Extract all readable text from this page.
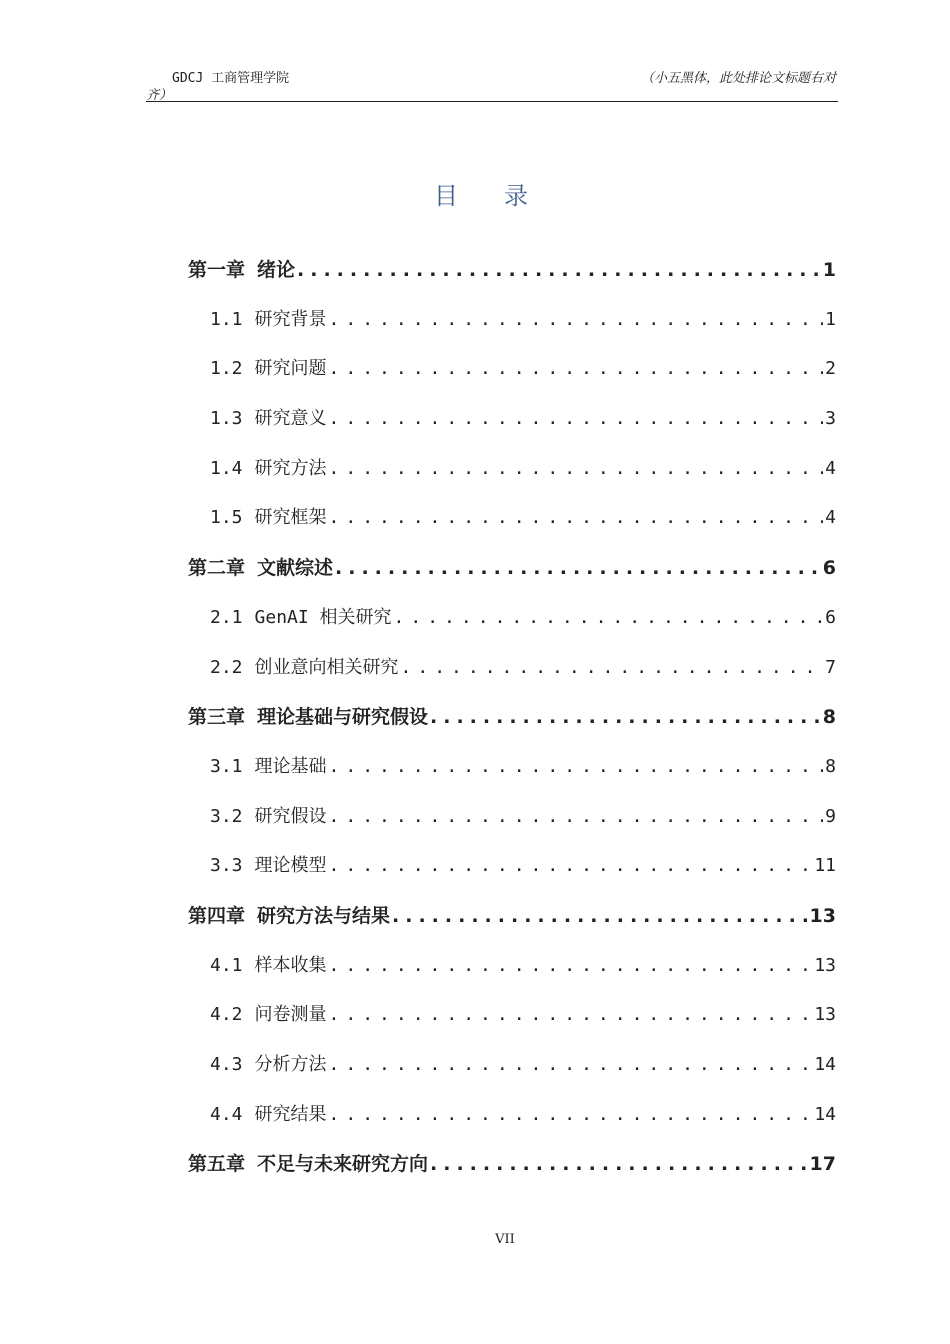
GDCJ 工商管理学院	（小五黑体，此处排论文标题右对
齐）
目录
第一章 绪论 .....	1
1.1 研究背景 .....	1
1.2 研究问题 .....	2
1.3 研究意义 .....	3
1.4 研究方法 .....	4
1.5 研究框架 .....	4
第二章 文献综述 .....	6
2.1 GenAI 相关研究 .....	6
2.2 创业意向相关研究 .....	7
第三章 理论基础与研究假设 .....	8
3.1 理论基础 .....	8
3.2 研究假设 .....	9
3.3 理论模型 .....	11
第四章 研究方法与结果 .....	13
4.1 样本收集 .....	13
4.2 问卷测量 .....	13
4.3 分析方法 .....	14
4.4 研究结果 .....	14
第五章 不足与未来研究方向 .....	17
VII
